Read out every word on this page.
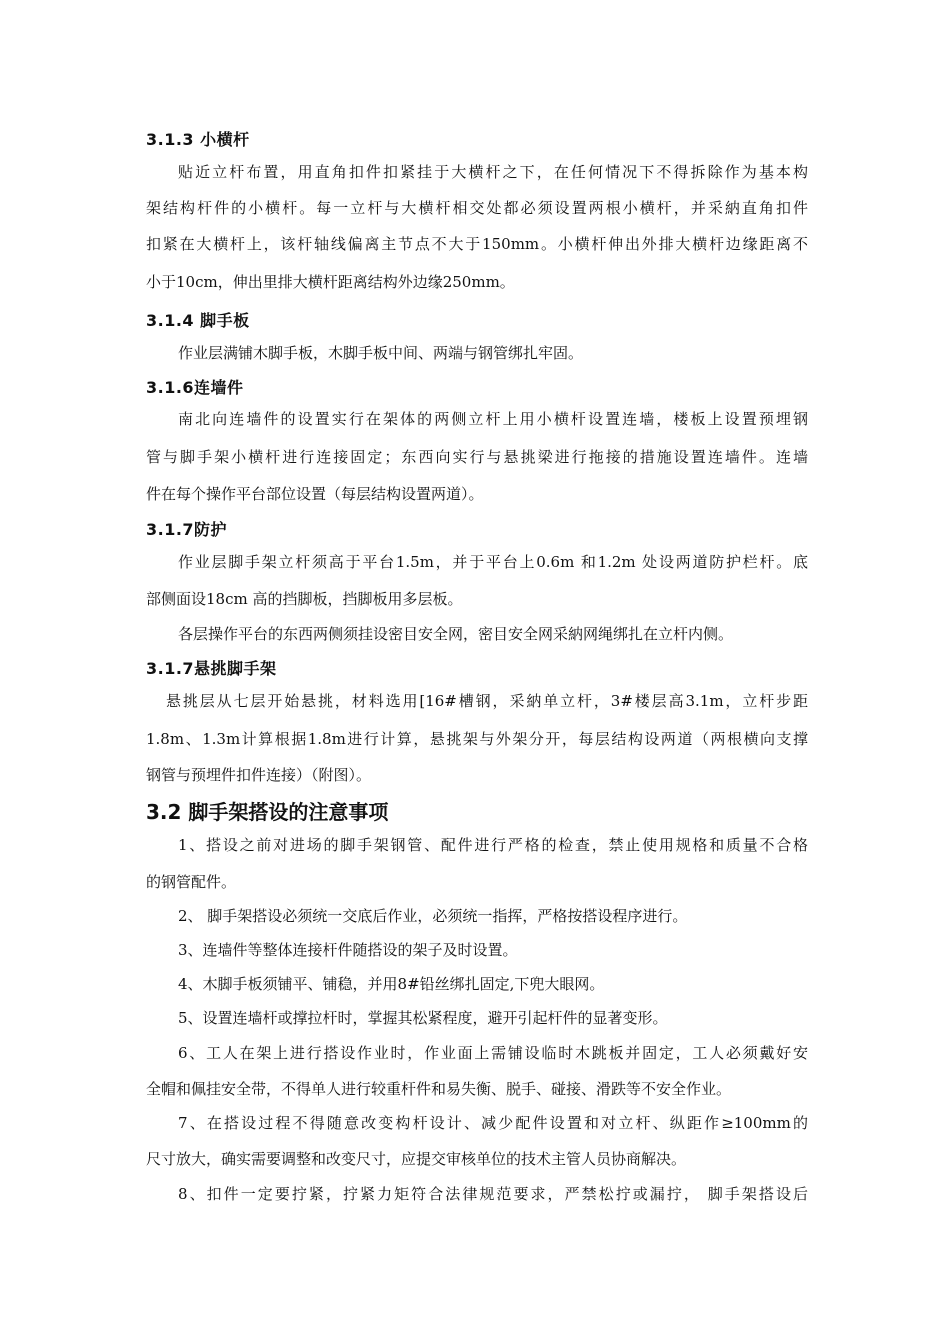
3.1.3 小横杆
贴近立杆布置，用直角扣件扣紧挂于大横杆之下，在任何情况下不得拆除作为基本构
架结构杆件的小横杆。每一立杆与大横杆相交处都必须设置两根小横杆，并采納直角扣件
扣紧在大横杆上，该杆轴线偏离主节点不大于150mm。小横杆伸出外排大横杆边缘距离不
小于10cm，伸出里排大横杆距离结构外边缘250mm。
3.1.4 脚手板
作业层满铺木脚手板，木脚手板中间、两端与钢管绑扎牢固。
3.1.6连墙件
南北向连墙件的设置实行在架体的两侧立杆上用小横杆设置连墙，楼板上设置预埋钢
管与脚手架小横杆进行连接固定；东西向实行与悬挑梁进行拖接的措施设置连墙件。连墙
件在每个操作平台部位设置（每层结构设置两道）。
3.1.7防护
作业层脚手架立杆须高于平台1.5m，并于平台上0.6m 和1.2m 处设两道防护栏杆。底
部侧面设18cm 高的挡脚板，挡脚板用多层板。
各层操作平台的东西两侧须挂设密目安全网，密目安全网采納网绳绑扎在立杆内侧。
3.1.7悬挑脚手架
悬挑层从七层开始悬挑，材料选用[16#槽钢，采納单立杆，3#楼层高3.1m，立杆步距
1.8m、1.3m计算根据1.8m进行计算，悬挑架与外架分开，每层结构设两道（两根横向支撑
钢管与预埋件扣件连接）（附图）。
3.2 脚手架搭设的注意事项
1、搭设之前对进场的脚手架钢管、配件进行严格的检查，禁止使用规格和质量不合格
的钢管配件。
2、 脚手架搭设必须统一交底后作业，必须统一指挥，严格按搭设程序进行。
3、连墙件等整体连接杆件随搭设的架子及时设置。
4、木脚手板须铺平、铺稳，并用8#铅丝绑扎固定,下兜大眼网。
5、设置连墙杆或撑拉杆时，掌握其松紧程度，避开引起杆件的显著变形。
6、工人在架上进行搭设作业时，作业面上需铺设临时木跳板并固定，工人必须戴好安
全帽和佩挂安全带，不得单人进行较重杆件和易失衡、脱手、碰接、滑跌等不安全作业。
7、在搭设过程不得随意改变构杆设计、减少配件设置和对立杆、纵距作≥100mm的
尺寸放大，确实需要调整和改变尺寸，应提交审核单位的技术主管人员协商解决。
8、扣件一定要拧紧，拧紧力矩符合法律规范要求，严禁松拧或漏拧， 脚手架搭设后
